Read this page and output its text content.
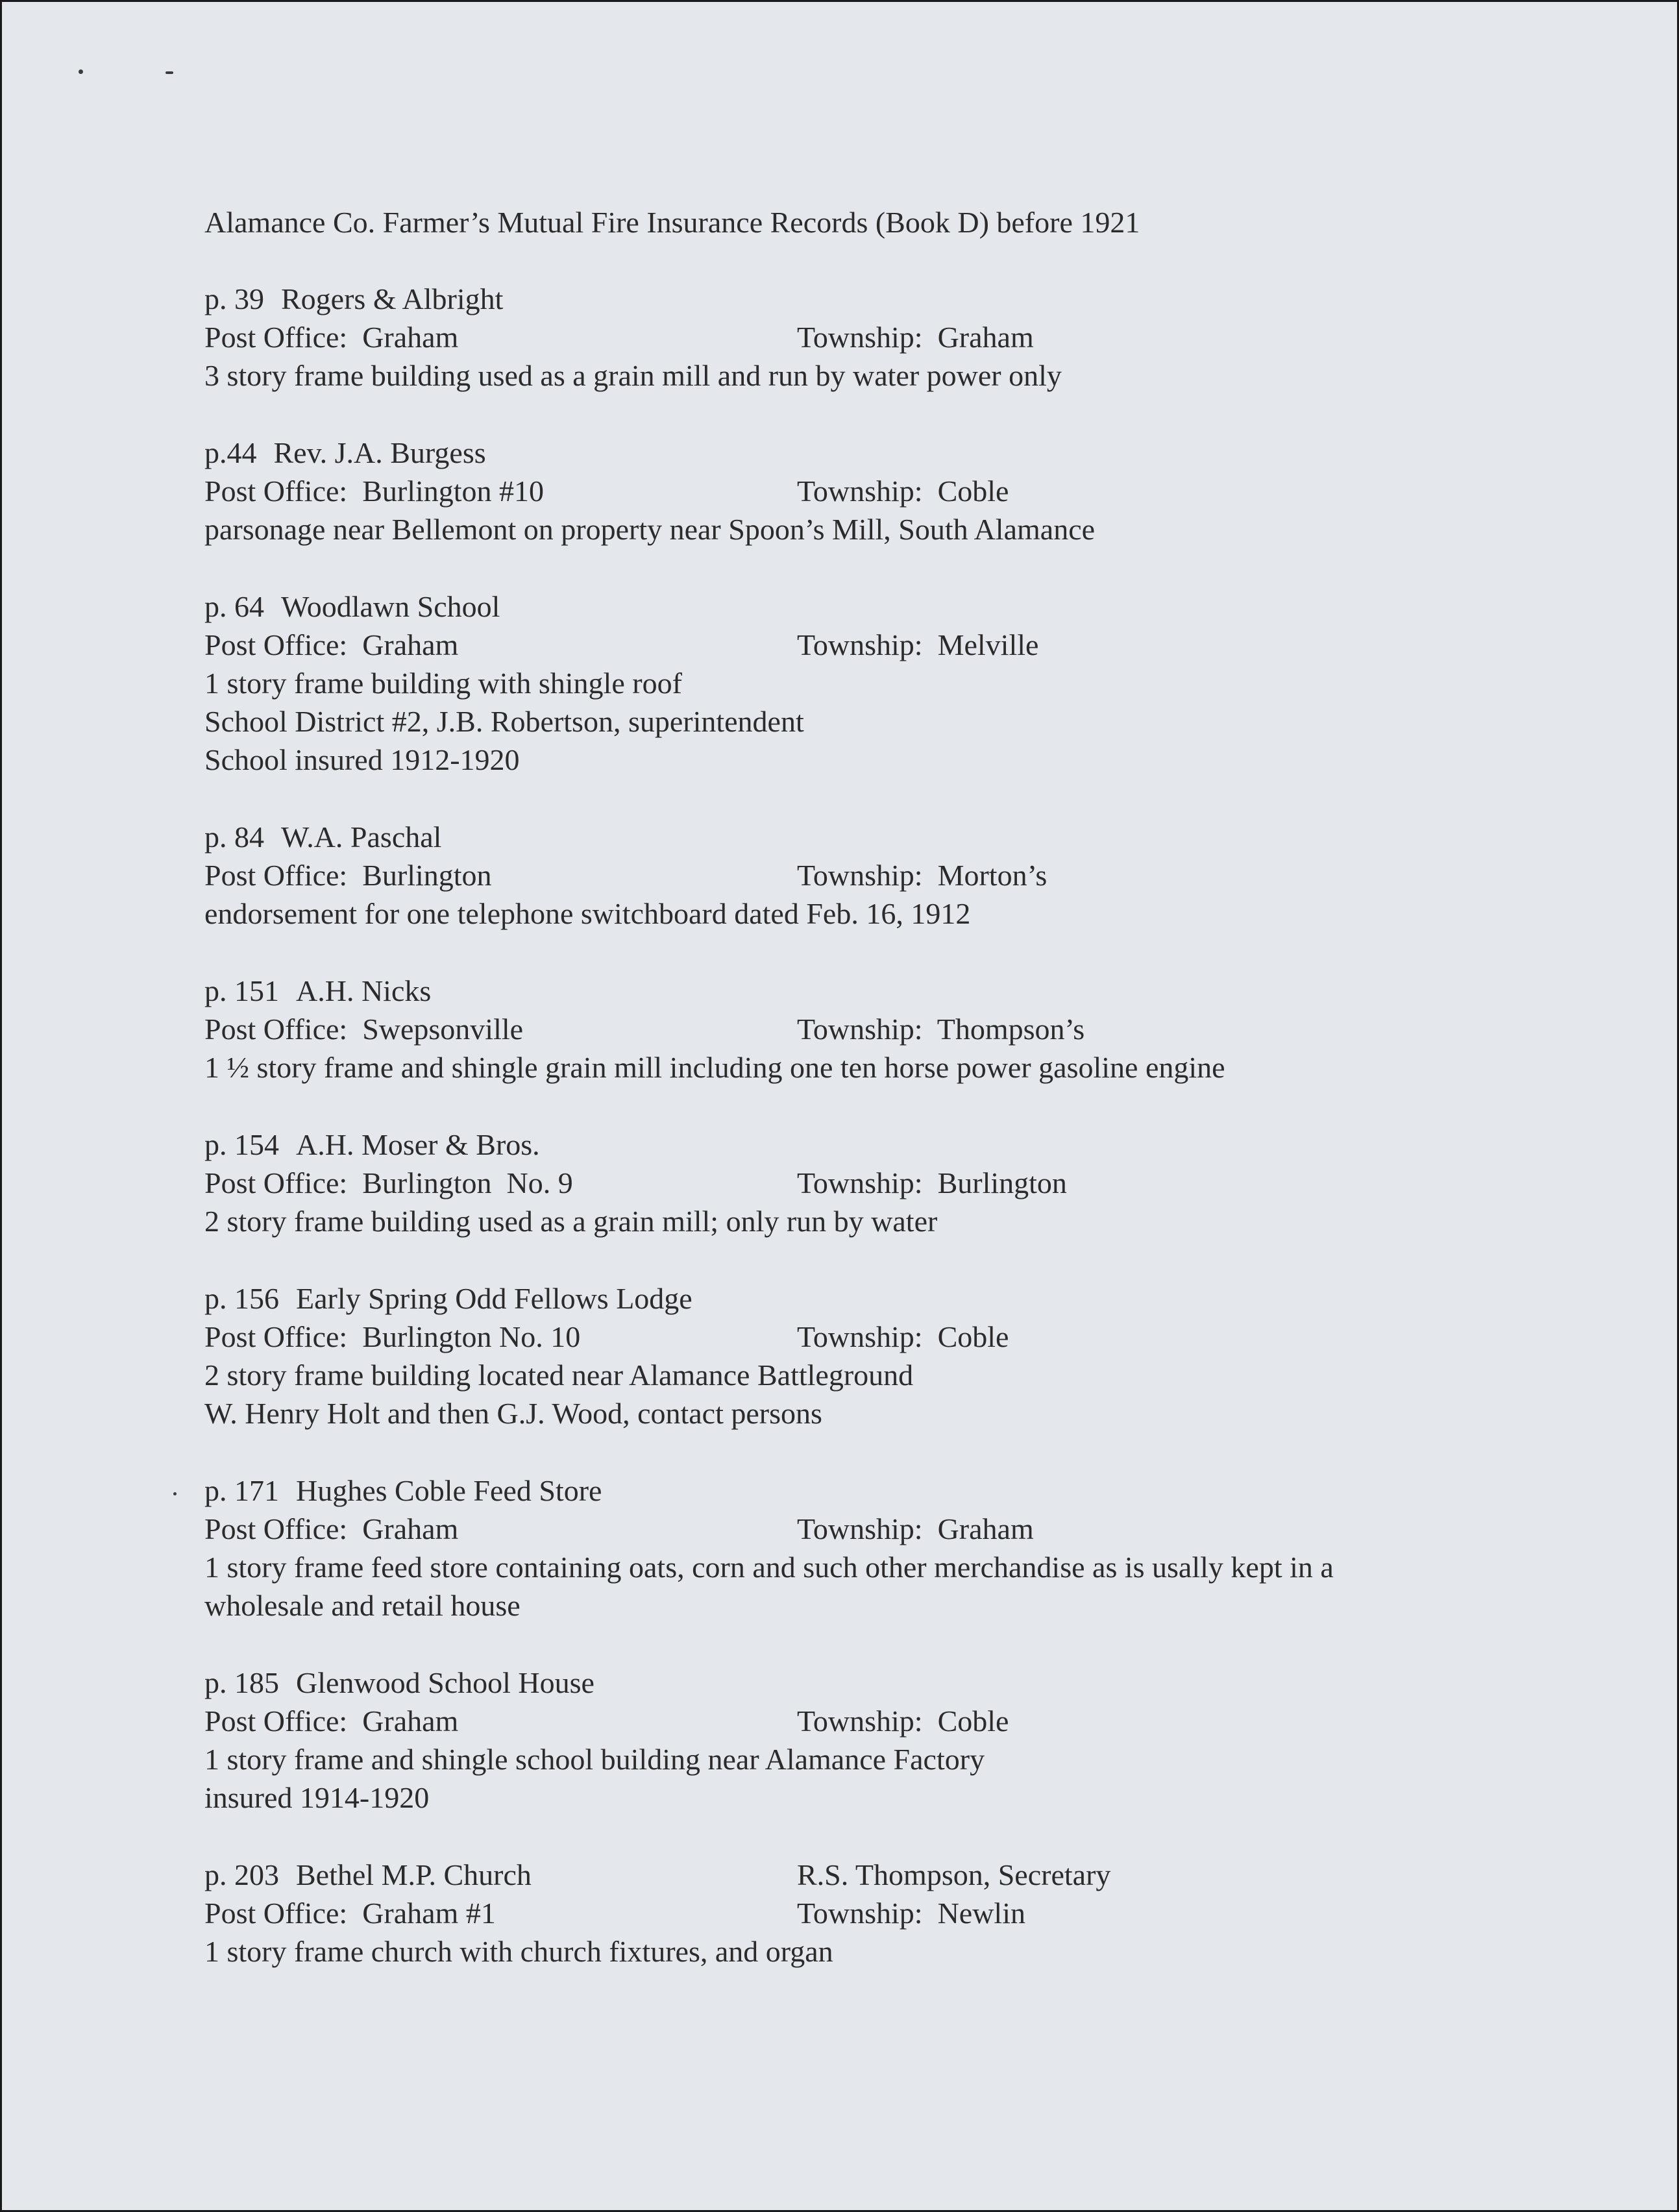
Alamance Co. Farmer’s Mutual Fire Insurance Records (Book D) before 1921
p. 39 Rogers & Albright
Post Office: Graham	Township: Graham
3 story frame building used as a grain mill and run by water power only
p.44 Rev. J.A. Burgess
Post Office: Burlington #10	Township: Coble
parsonage near Bellemont on property near Spoon’s Mill, South Alamance
p. 64 Woodlawn School
Post Office: Graham	Township: Melville
1 story frame building with shingle roof
School District #2, J.B. Robertson, superintendent
School insured 1912-1920
p. 84 W.A. Paschal
Post Office: Burlington	Township: Morton’s
endorsement for one telephone switchboard dated Feb. 16, 1912
p. 151 A.H. Nicks
Post Office: Swepsonville	Township: Thompson’s
1 ½ story frame and shingle grain mill including one ten horse power gasoline engine
p. 154 A.H. Moser & Bros.
Post Office: Burlington  No. 9	Township: Burlington
2 story frame building used as a grain mill; only run by water
p. 156 Early Spring Odd Fellows Lodge
Post Office: Burlington No. 10	Township: Coble
2 story frame building located near Alamance Battleground
W. Henry Holt and then G.J. Wood, contact persons
p. 171 Hughes Coble Feed Store
Post Office: Graham	Township: Graham
1 story frame feed store containing oats, corn and such other merchandise as is usally kept in a
wholesale and retail house
p. 185 Glenwood School House
Post Office: Graham	Township: Coble
1 story frame and shingle school building near Alamance Factory
insured 1914-1920
p. 203 Bethel M.P. Church	R.S. Thompson, Secretary
Post Office: Graham #1	Township: Newlin
1 story frame church with church fixtures, and organ
